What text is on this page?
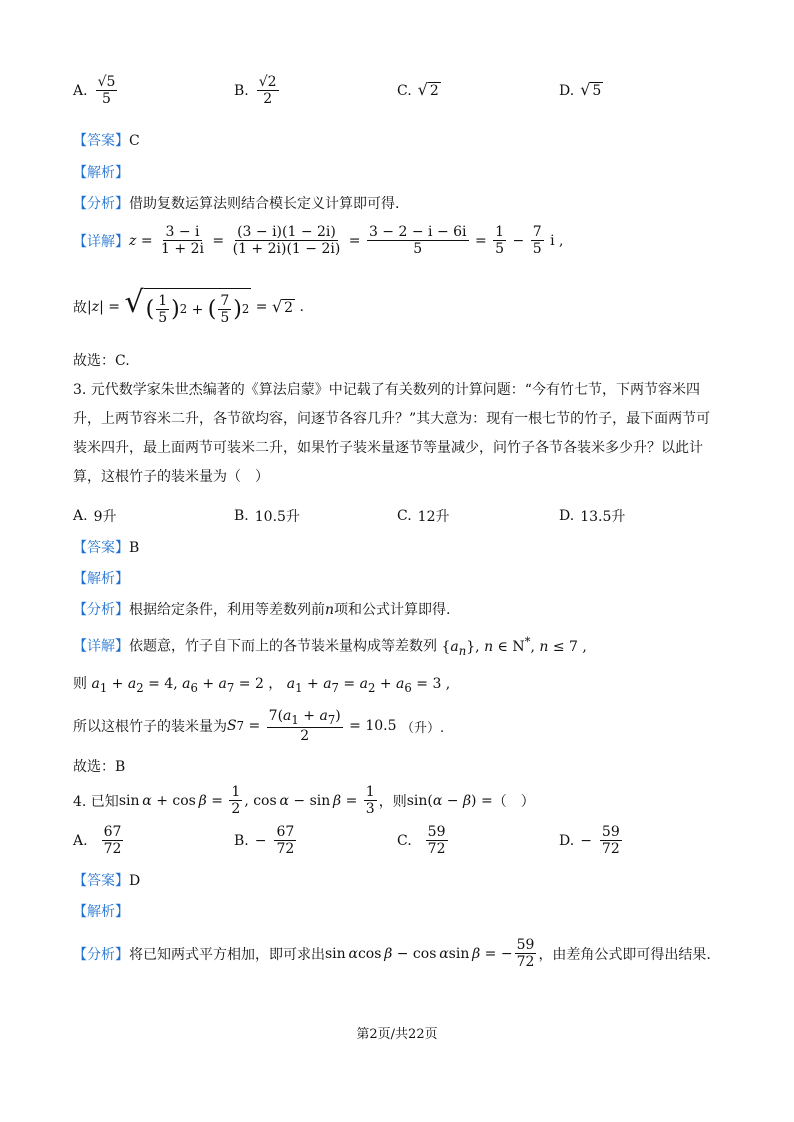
A. $\frac{√5}{5}$	B. $\frac{√2}{2}$	C. √ 2	D. √ 5
【答案】C
【解析】
【分析】借助复数运算法则结合模长定义计算即可得.
【详解】 $z = \frac{3 - i}{1 + 2i} = \frac{(3 - i)(1 - 2i)}{(1 + 2i)(1 - 2i)} = \frac{3 - 2 - i - 6i}{5} = \frac{1}{5} - \frac{7}{5}$ i ,
故 | z | = √ ( $\frac{1}{5}$ ) 2 + ( $\frac{7}{5}$ ) 2 = √ 2 .
故选：C.
3. 元代数学家朱世杰编著的《算法启蒙》中记载了有关数列的计算问题：“今有竹七节，下两节容米四
升，上两节容米二升，各节欲均容，问逐节各容几升？”其大意为：现有一根七节的竹子，最下面两节可
装米四升，最上面两节可装米二升，如果竹子装米量逐节等量减少，问竹子各节各装米多少升？以此计
算，这根竹子的装米量为（　）
A. 9升	B. 10.5升	C. 12升	D. 13.5升
【答案】B
【解析】
【分析】根据给定条件，利用等差数列前n项和公式计算即得.
【详解】依题意，竹子自下而上的各节装米量构成等差数列 $\{a_n\}$, n ∈ N*, n ≤ 7 ,
则 $a_1 + a_2 = 4$, $a_6 + a_7 = 2$ ， $a_1 + a_7 = a_2 + a_6 = 3$ ,
所以这根竹子的装米量为 S $7 = \frac{7(a_1 + a_7)}{2} = 10.5$ （升）.
故选：B
4. 已知 $\sin \alpha + \cos \beta = \frac{1}{2}$ , $\cos \alpha - \sin \beta = \frac{1}{3}$ ，则 sin(α − β) = （　）
A. $\frac{67}{72}$	B. − $\frac{67}{72}$	C. $\frac{59}{72}$	D. − $\frac{59}{72}$
【答案】D
【解析】
【分析】 将已知两式平方相加，即可求出 sin αcos β − cos αsin β = − $\frac{59}{72}$ ，由差角公式即可得出结果.
第2页/共22页
